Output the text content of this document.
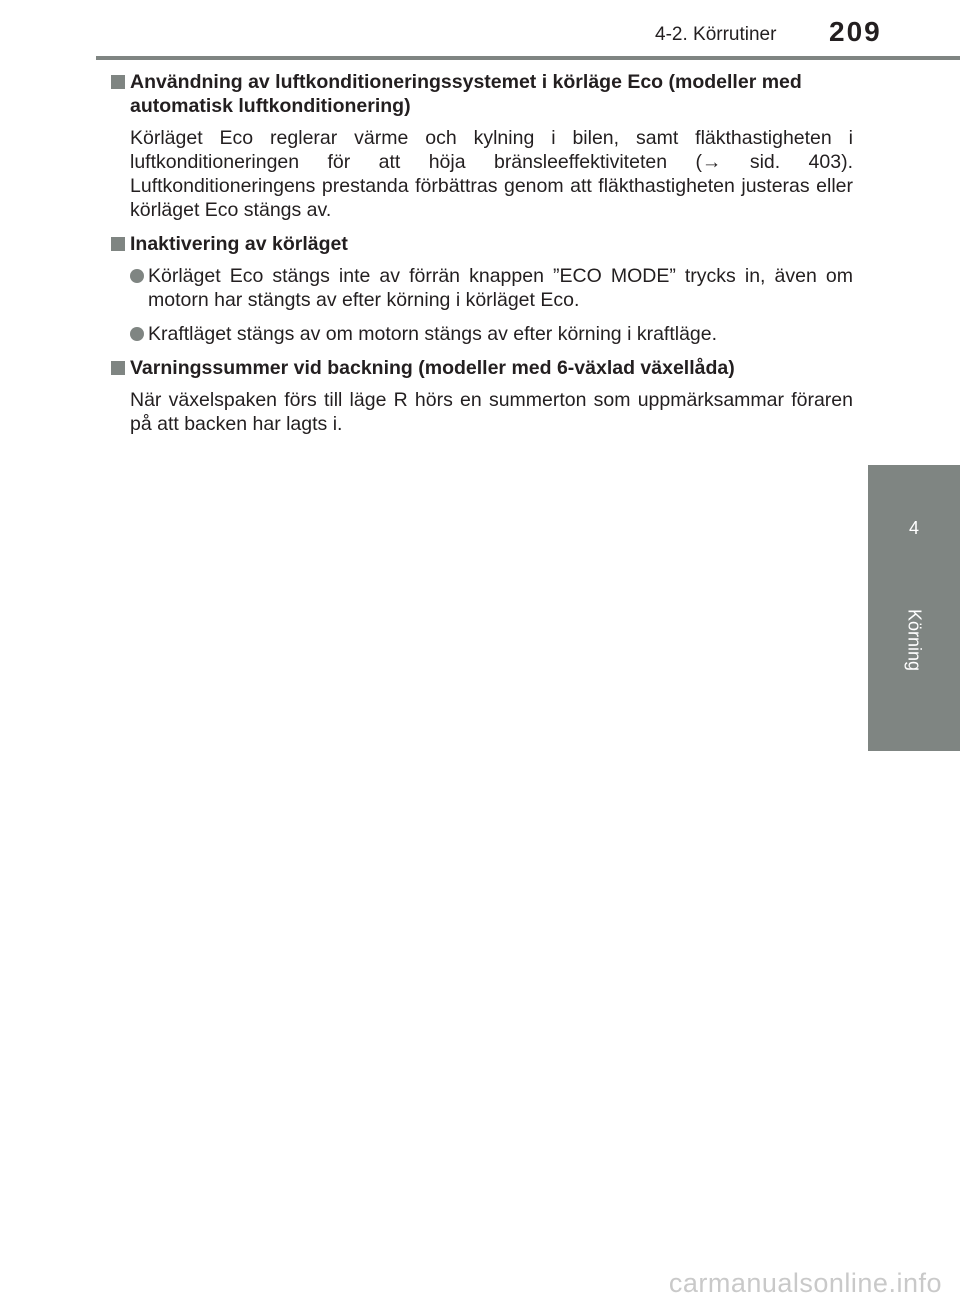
4-2. Körrutiner 209
4
Körning

Användning av luftkonditioneringssystemet i körläge Eco (modeller med automatisk luftkonditionering)

Körläget Eco reglerar värme och kylning i bilen, samt fläkthastigheten i luftkonditioneringen för att höja bränsleeffektiviteten (→ sid. 403). Luftkonditioneringens prestanda förbättras genom att fläkthastigheten justeras eller körläget Eco stängs av.

Inaktivering av körläget

Körläget Eco stängs inte av förrän knappen ”ECO MODE” trycks in, även om motorn har stängts av efter körning i körläget Eco.

Kraftläget stängs av om motorn stängs av efter körning i kraftläge.

Varningssummer vid backning (modeller med 6-växlad växellåda)

När växelspaken förs till läge R hörs en summerton som uppmärksammar föraren på att backen har lagts i.

carmanualsonline.info
